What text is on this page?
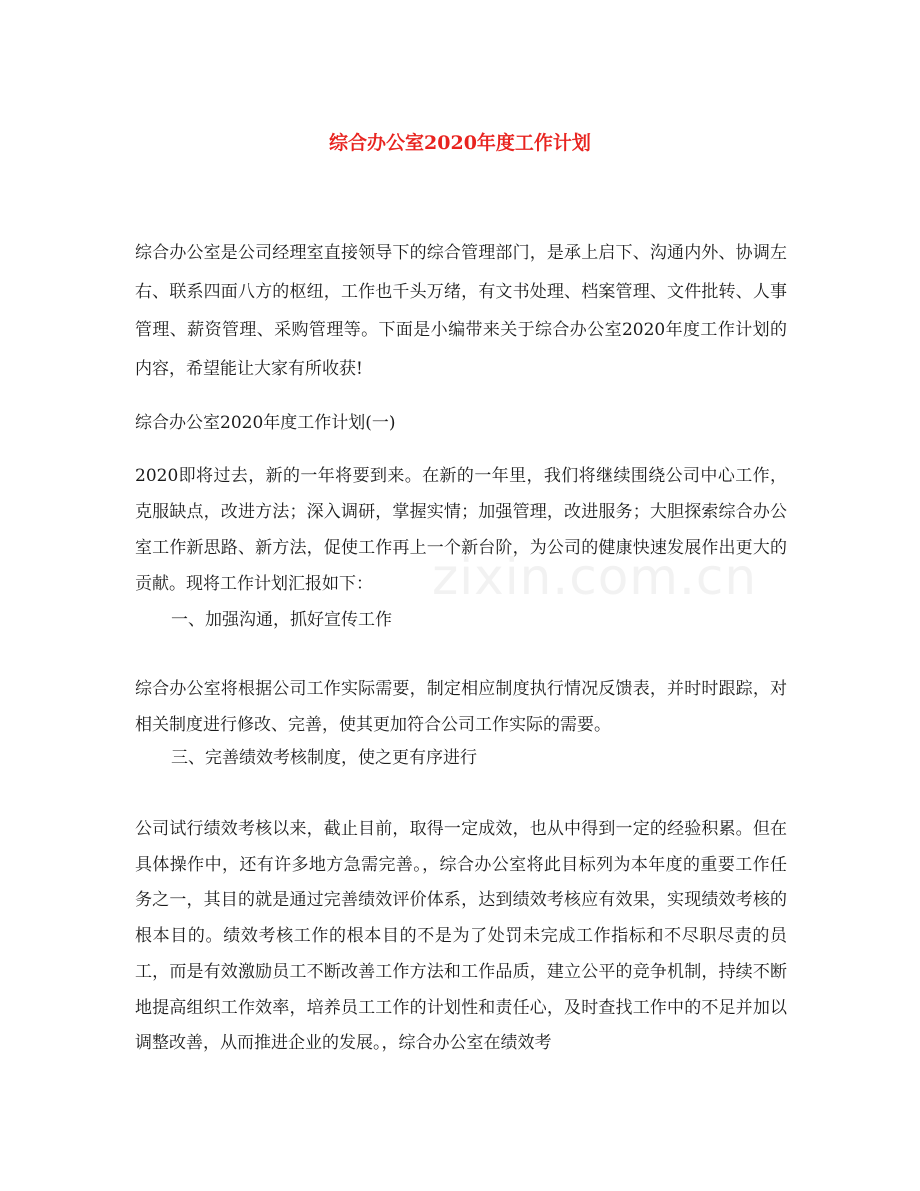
综合办公室2020年度工作计划

综合办公室是公司经理室直接领导下的综合管理部门，是承上启下、沟通内外、协调左右、联系四面八方的枢纽，工作也千头万绪，有文书处理、档案管理、文件批转、人事管理、薪资管理、采购管理等。下面是小编带来关于综合办公室2020年度工作计划的内容，希望能让大家有所收获!

综合办公室2020年度工作计划(一)

2020即将过去，新的一年将要到来。在新的一年里，我们将继续围绕公司中心工作，克服缺点，改进方法；深入调研，掌握实情；加强管理，改进服务；大胆探索综合办公室工作新思路、新方法，促使工作再上一个新台阶，为公司的健康快速发展作出更大的贡献。现将工作计划汇报如下：

一、加强沟通，抓好宣传工作

综合办公室将根据公司工作实际需要，制定相应制度执行情况反馈表，并时时跟踪，对相关制度进行修改、完善，使其更加符合公司工作实际的需要。

三、完善绩效考核制度，使之更有序进行

公司试行绩效考核以来，截止目前，取得一定成效，也从中得到一定的经验积累。但在具体操作中，还有许多地方急需完善。，综合办公室将此目标列为本年度的重要工作任务之一，其目的就是通过完善绩效评价体系，达到绩效考核应有效果，实现绩效考核的根本目的。绩效考核工作的根本目的不是为了处罚未完成工作指标和不尽职尽责的员工，而是有效激励员工不断改善工作方法和工作品质，建立公平的竞争机制，持续不断地提高组织工作效率，培养员工工作的计划性和责任心，及时查找工作中的不足并加以调整改善，从而推进企业的发展。，综合办公室在绩效考

zixin.com.cn
